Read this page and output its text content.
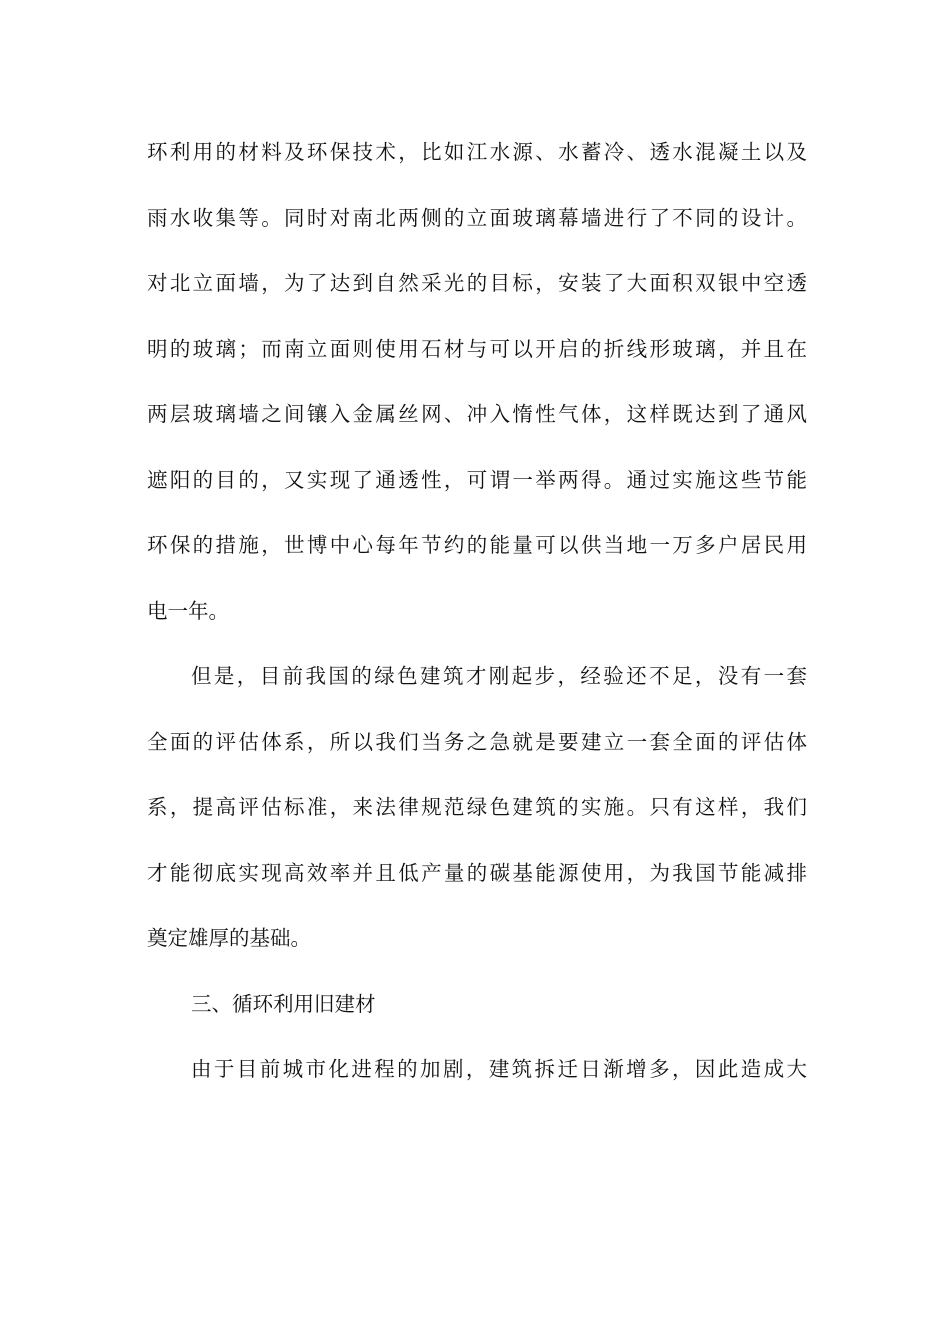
环利用的材料及环保技术，比如江水源、水蓄冷、透水混凝土以及
雨水收集等。同时对南北两侧的立面玻璃幕墙进行了不同的设计。
对北立面墙，为了达到自然采光的目标，安装了大面积双银中空透
明的玻璃；而南立面则使用石材与可以开启的折线形玻璃，并且在
两层玻璃墙之间镶入金属丝网、冲入惰性气体，这样既达到了通风
遮阳的目的，又实现了通透性，可谓一举两得。通过实施这些节能
环保的措施，世博中心每年节约的能量可以供当地一万多户居民用
电一年。
但是，目前我国的绿色建筑才刚起步，经验还不足，没有一套
全面的评估体系，所以我们当务之急就是要建立一套全面的评估体
系，提高评估标准，来法律规范绿色建筑的实施。只有这样，我们
才能彻底实现高效率并且低产量的碳基能源使用，为我国节能减排
奠定雄厚的基础。
三、循环利用旧建材
由于目前城市化进程的加剧，建筑拆迁日渐增多，因此造成大
